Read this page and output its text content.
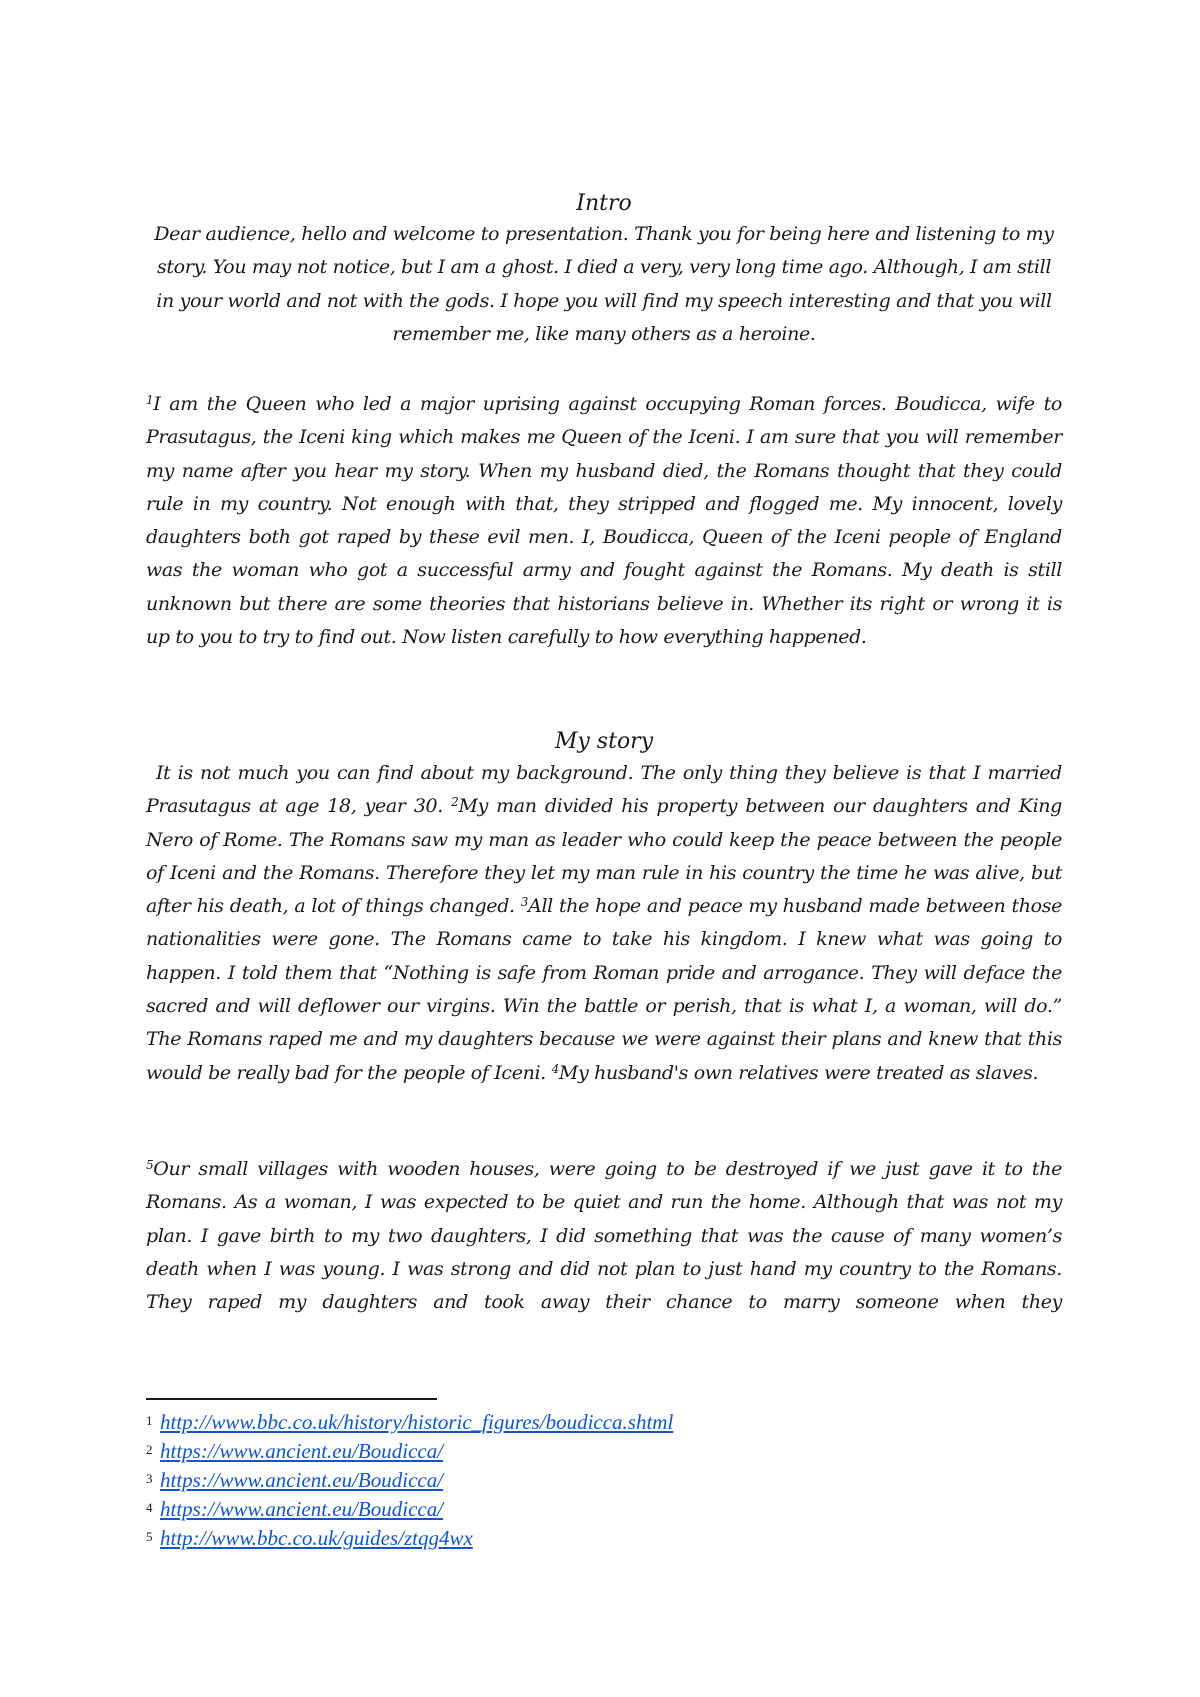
Intro

Dear audience, hello and welcome to presentation. Thank you for being here and listening to my story. You may not notice, but I am a ghost. I died a very, very long time ago. Although, I am still in your world and not with the gods. I hope you will find my speech interesting and that you will remember me, like many others as a heroine.

$^1$I am the Queen who led a major uprising against occupying Roman forces. Boudicca, wife to Prasutagus, the Iceni king which makes me Queen of the Iceni. I am sure that you will remember my name after you hear my story. When my husband died, the Romans thought that they could rule in my country. Not enough with that, they stripped and flogged me. My innocent, lovely daughters both got raped by these evil men. I, Boudicca, Queen of the Iceni people of England was the woman who got a successful army and fought against the Romans. My death is still unknown but there are some theories that historians believe in. Whether its right or wrong it is up to you to try to find out. Now listen carefully to how everything happened.

My story

It is not much you can find about my background. The only thing they believe is that I married Prasutagus at age 18, year 30. $^2$My man divided his property between our daughters and King Nero of Rome. The Romans saw my man as leader who could keep the peace between the people of Iceni and the Romans. Therefore they let my man rule in his country the time he was alive, but after his death, a lot of things changed. $^3$All the hope and peace my husband made between those nationalities were gone. The Romans came to take his kingdom. I knew what was going to happen. I told them that “Nothing is safe from Roman pride and arrogance. They will deface the sacred and will deflower our virgins. Win the battle or perish, that is what I, a woman, will do.” The Romans raped me and my daughters because we were against their plans and knew that this would be really bad for the people of Iceni. $^4$My husband's own relatives were treated as slaves.

$^5$Our small villages with wooden houses, were going to be destroyed if we just gave it to the Romans. As a woman, I was expected to be quiet and run the home. Although that was not my plan. I gave birth to my two daughters, I did something that was the cause of many women’s death when I was young. I was strong and did not plan to just hand my country to the Romans. They raped my daughters and took away their chance to marry someone when they

1 http://www.bbc.co.uk/history/historic_figures/boudicca.shtml
2 https://www.ancient.eu/Boudicca/
3 https://www.ancient.eu/Boudicca/
4 https://www.ancient.eu/Boudicca/
5 http://www.bbc.co.uk/guides/ztqg4wx
